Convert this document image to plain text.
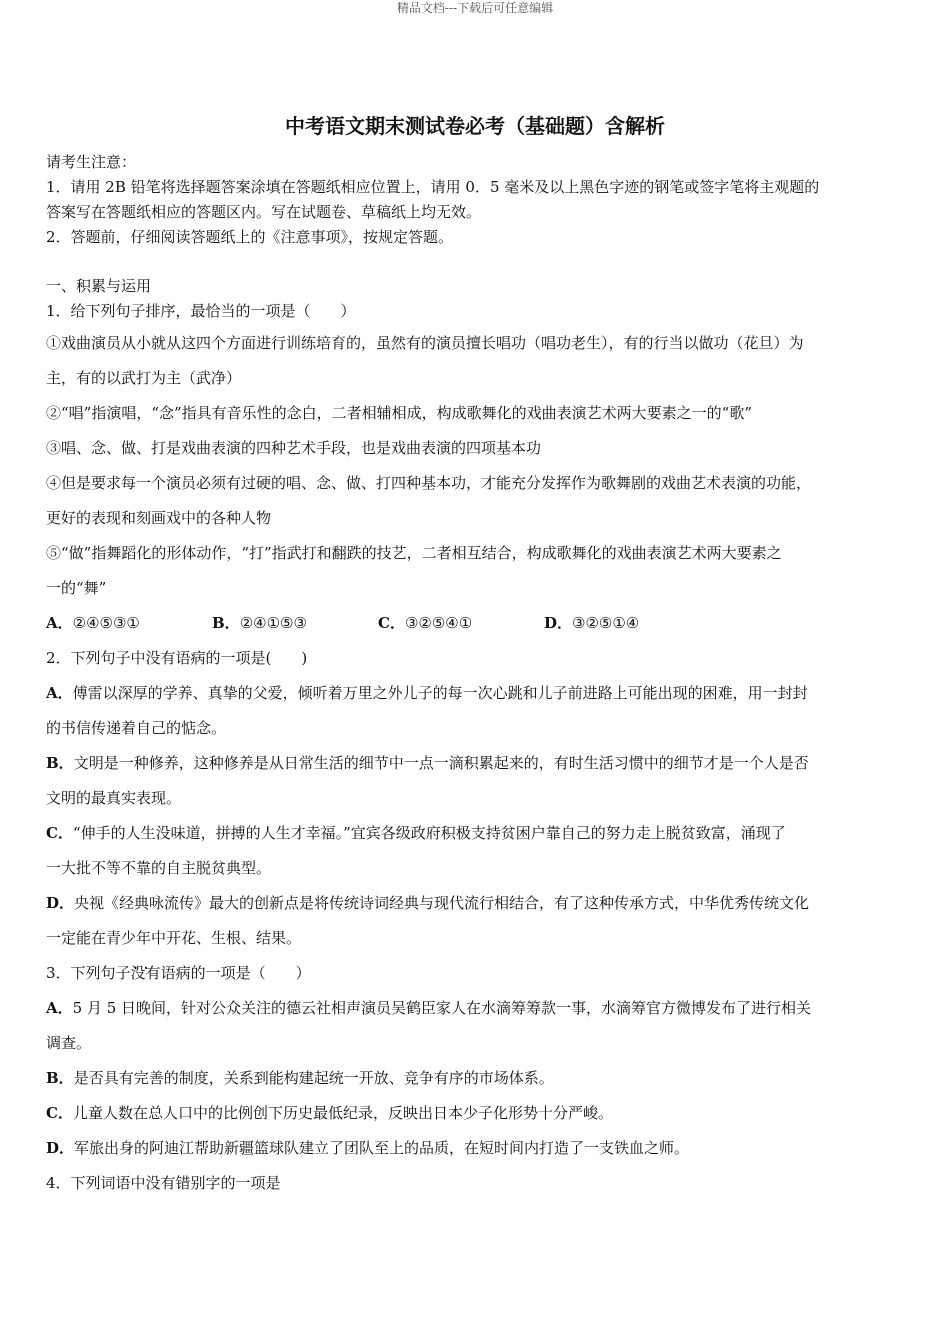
精品文档---下载后可任意编辑
中考语文期末测试卷必考（基础题）含解析
请考生注意：
1．请用 2B 铅笔将选择题答案涂填在答题纸相应位置上，请用 0．5 毫米及以上黑色字迹的钢笔或签字笔将主观题的
答案写在答题纸相应的答题区内。写在试题卷、草稿纸上均无效。
2．答题前，仔细阅读答题纸上的《注意事项》，按规定答题。
一、积累与运用
1．给下列句子排序，最恰当的一项是（　　）
①戏曲演员从小就从这四个方面进行训练培育的，虽然有的演员擅长唱功（唱功老生），有的行当以做功（花旦）为
主，有的以武打为主（武净）
②“唱”指演唱，“念”指具有音乐性的念白，二者相辅相成，构成歌舞化的戏曲表演艺术两大要素之一的“歌”
③唱、念、做、打是戏曲表演的四种艺术手段，也是戏曲表演的四项基本功
④但是要求每一个演员必须有过硬的唱、念、做、打四种基本功，才能充分发挥作为歌舞剧的戏曲艺术表演的功能，
更好的表现和刻画戏中的各种人物
⑤“做”指舞蹈化的形体动作，“打”指武打和翻跌的技艺，二者相互结合，构成歌舞化的戏曲表演艺术两大要素之
一的“舞”
A．②④⑤③①	B．②④①⑤③	C．③②⑤④①	D．③②⑤①④
2．下列句子中没有语病的一项是(　　)
A．傅雷以深厚的学养、真挚的父爱，倾听着万里之外儿子的每一次心跳和儿子前进路上可能出现的困难，用一封封
的书信传递着自己的惦念。
B．文明是一种修养，这种修养是从日常生活的细节中一点一滴积累起来的，有时生活习惯中的细节才是一个人是否
文明的最真实表现。
C．“伸手的人生没味道，拼搏的人生才幸福。”宜宾各级政府积极支持贫困户靠自己的努力走上脱贫致富，涌现了
一大批不等不靠的自主脱贫典型。
D．央视《经典咏流传》最大的创新点是将传统诗词经典与现代流行相结合，有了这种传承方式，中华优秀传统文化
一定能在青少年中开花、生根、结果。
3．下列句子没有 · ·语病的一项是（　　）
A．5 月 5 日晚间，针对公众关注的德云社相声演员吴鹤臣家人在水滴筹筹款一事，水滴筹官方微博发布了进行相关
调查。
B．是否具有完善的制度，关系到能构建起统一开放、竞争有序的市场体系。
C．儿童人数在总人口中的比例创下历史最低纪录，反映出日本少子化形势十分严峻。
D．军旅出身的阿迪江帮助新疆篮球队建立了团队至上的品质，在短时间内打造了一支铁血之师。
4．下列词语中没有错别字的一项是
